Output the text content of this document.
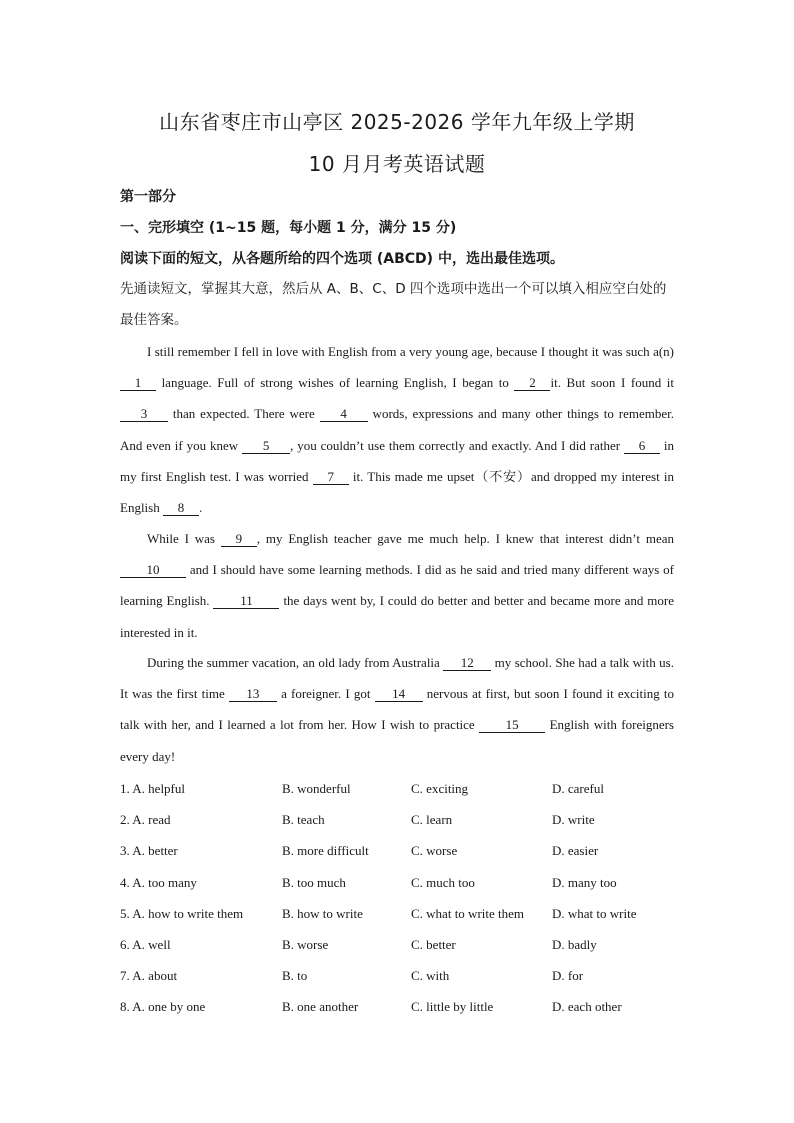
山东省枣庄市山亭区 2025-2026 学年九年级上学期
10 月月考英语试题
第一部分
一、完形填空 (1~15 题，每小题 1 分，满分 15 分)
阅读下面的短文，从各题所给的四个选项 (ABCD) 中，选出最佳选项。
先通读短文，掌握其大意，然后从 A、B、C、D 四个选项中选出一个可以填入相应空白处的最佳答案。

I still remember I fell in love with English from a very young age, because I thought it was such a(n) 1 language. Full of strong wishes of learning English, I began to 2 it. But soon I found it 3 than expected. There were 4 words, expressions and many other things to remember. And even if you knew 5 , you couldn’t use them correctly and exactly. And I did rather 6 in my first English test. I was worried 7 it. This made me upset（不安）and dropped my interest in English 8 .

While I was 9 , my English teacher gave me much help. I knew that interest didn’t mean 10 and I should have some learning methods. I did as he said and tried many different ways of learning English. 11 the days went by, I could do better and better and became more and more interested in it.

During the summer vacation, an old lady from Australia 12 my school. She had a talk with us. It was the first time 13 a foreigner. I got 14 nervous at first, but soon I found it exciting to talk with her, and I learned a lot from her. How I wish to practice 15 English with foreigners every day!

1. A. helpful	B. wonderful	C. exciting	D. careful
2. A. read	B. teach	C. learn	D. write
3. A. better	B. more difficult	C. worse	D. easier
4. A. too many	B. too much	C. much too	D. many too
5. A. how to write them	B. how to write	C. what to write them D. what to write
6. A. well	B. worse	C. better	D. badly
7. A. about	B. to	C. with	D. for
8. A. one by one	B. one another	C. little by little	D. each other
